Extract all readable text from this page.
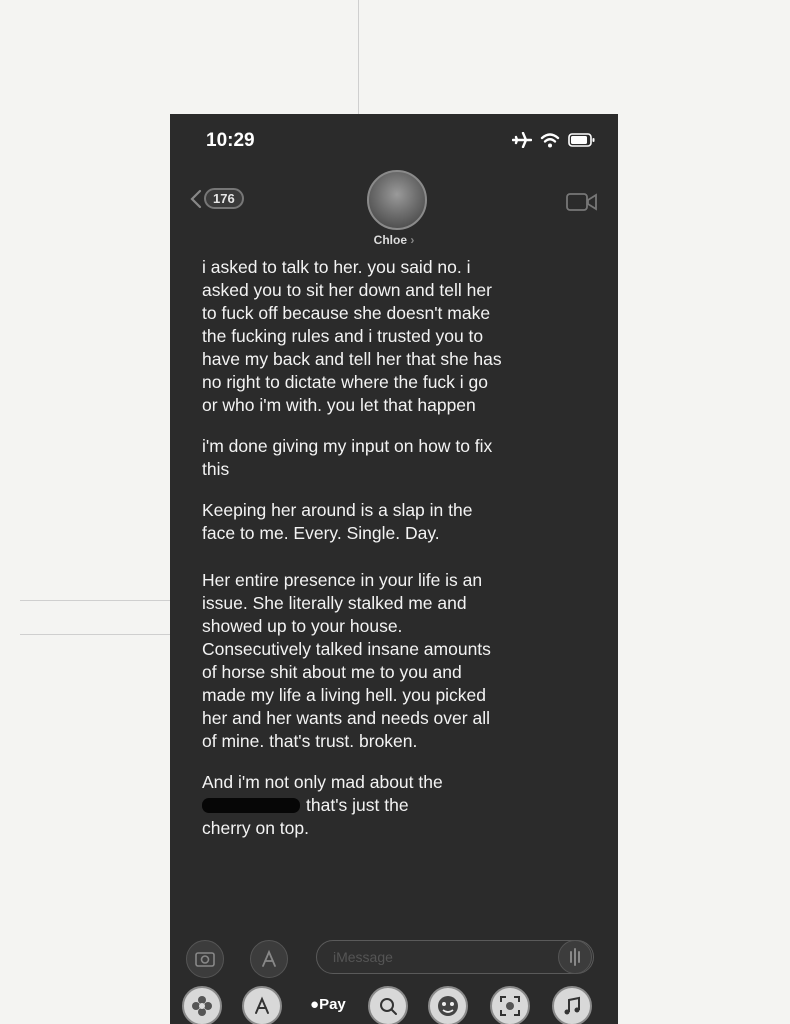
10:29
176
Chloe ›

i asked to talk to her. you said no. i asked you to sit her down and tell her to fuck off because she doesn't make the fucking rules and i trusted you to have my back and tell her that she has no right to dictate where the fuck i go or who i'm with. you let that happen

i'm done giving my input on how to fix this

Keeping her around is a slap in the face to me. Every. Single. Day.

Her entire presence in your life is an issue. She literally stalked me and showed up to your house. Consecutively talked insane amounts of horse shit about me to you and made my life a living hell. you picked her and her wants and needs over all of mine. that's trust. broken.

And i'm not only mad about the
that's just the
cherry on top.

iMessage
●Pay
